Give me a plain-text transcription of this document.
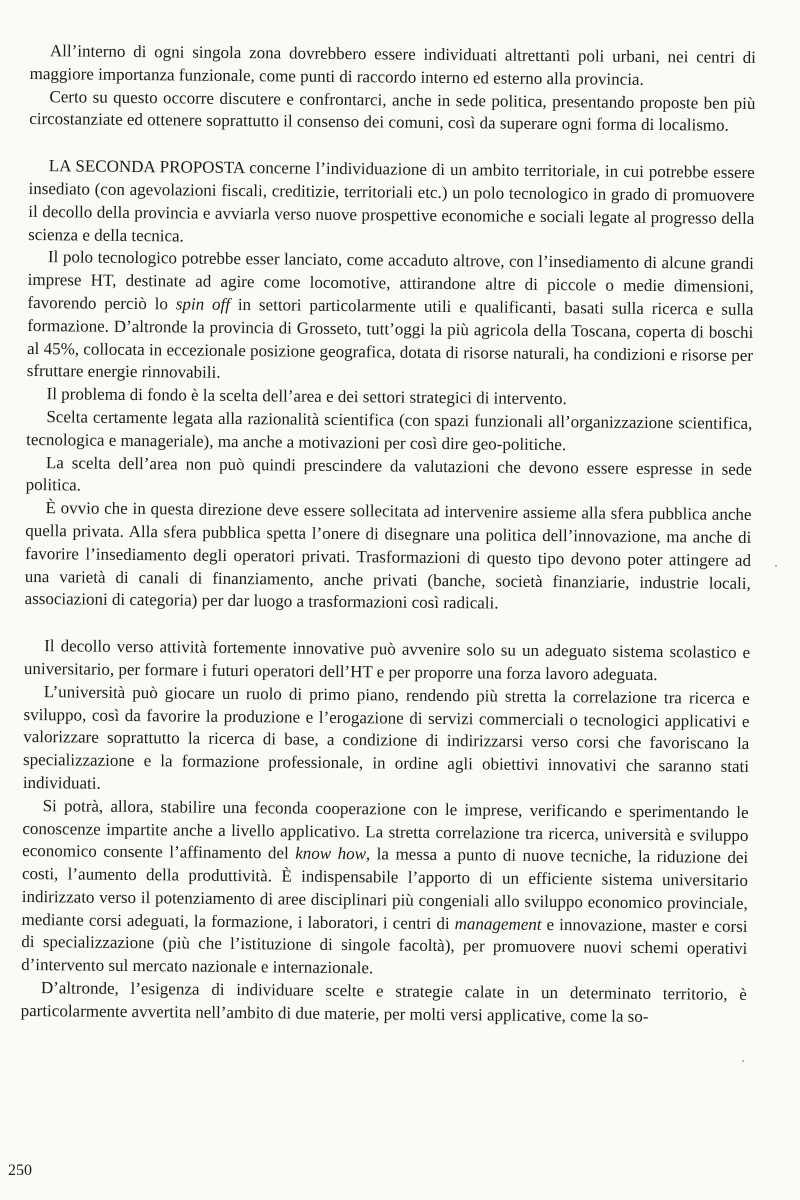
All’interno di ogni singola zona dovrebbero essere individuati altrettanti poli urbani, nei centri di maggiore importanza funzionale, come punti di raccordo interno ed esterno alla provincia.

Certo su questo occorre discutere e confrontarci, anche in sede politica, presentando proposte ben più circostanziate ed ottenere soprattutto il consenso dei comuni, così da superare ogni forma di localismo.

LA SECONDA PROPOSTA concerne l’individuazione di un ambito territoriale, in cui potrebbe essere insediato (con agevolazioni fiscali, creditizie, territoriali etc.) un polo tecnologico in grado di promuovere il decollo della provincia e avviarla verso nuove prospettive economiche e sociali legate al progresso della scienza e della tecnica.

Il polo tecnologico potrebbe esser lanciato, come accaduto altrove, con l’insediamento di alcune grandi imprese HT, destinate ad agire come locomotive, attirandone altre di piccole o medie dimensioni, favorendo perciò lo spin off in settori particolarmente utili e qualificanti, basati sulla ricerca e sulla formazione. D’altronde la provincia di Grosseto, tutt’oggi la più agricola della Toscana, coperta di boschi al 45%, collocata in eccezionale posizione geografica, dotata di risorse naturali, ha condizioni e risorse per sfruttare energie rinnovabili.

Il problema di fondo è la scelta dell’area e dei settori strategici di intervento.

Scelta certamente legata alla razionalità scientifica (con spazi funzionali all’organizzazione scientifica, tecnologica e manageriale), ma anche a motivazioni per così dire geo-politiche.

La scelta dell’area non può quindi prescindere da valutazioni che devono essere espresse in sede politica.

È ovvio che in questa direzione deve essere sollecitata ad intervenire assieme alla sfera pubblica anche quella privata. Alla sfera pubblica spetta l’onere di disegnare una politica dell’innovazione, ma anche di favorire l’insediamento degli operatori privati. Trasformazioni di questo tipo devono poter attingere ad una varietà di canali di finanziamento, anche privati (banche, società finanziarie, industrie locali, associazioni di categoria) per dar luogo a trasformazioni così radicali.

Il decollo verso attività fortemente innovative può avvenire solo su un adeguato sistema scolastico e universitario, per formare i futuri operatori dell’HT e per proporre una forza lavoro adeguata.

L’università può giocare un ruolo di primo piano, rendendo più stretta la correlazione tra ricerca e sviluppo, così da favorire la produzione e l’erogazione di servizi commerciali o tecnologici applicativi e valorizzare soprattutto la ricerca di base, a condizione di indirizzarsi verso corsi che favoriscano la specializzazione e la formazione professionale, in ordine agli obiettivi innovativi che saranno stati individuati.

Si potrà, allora, stabilire una feconda cooperazione con le imprese, verificando e sperimentando le conoscenze impartite anche a livello applicativo. La stretta correlazione tra ricerca, università e sviluppo economico consente l’affinamento del know how, la messa a punto di nuove tecniche, la riduzione dei costi, l’aumento della produttività. È indispensabile l’apporto di un efficiente sistema universitario indirizzato verso il potenziamento di aree disciplinari più congeniali allo sviluppo economico provinciale, mediante corsi adeguati, la formazione, i laboratori, i centri di management e innovazione, master e corsi di specializzazione (più che l’istituzione di singole facoltà), per promuovere nuovi schemi operativi d’intervento sul mercato nazionale e internazionale.

D’altronde, l’esigenza di individuare scelte e strategie calate in un determinato territorio, è particolarmente avvertita nell’ambito di due materie, per molti versi applicative, come la so-

250
